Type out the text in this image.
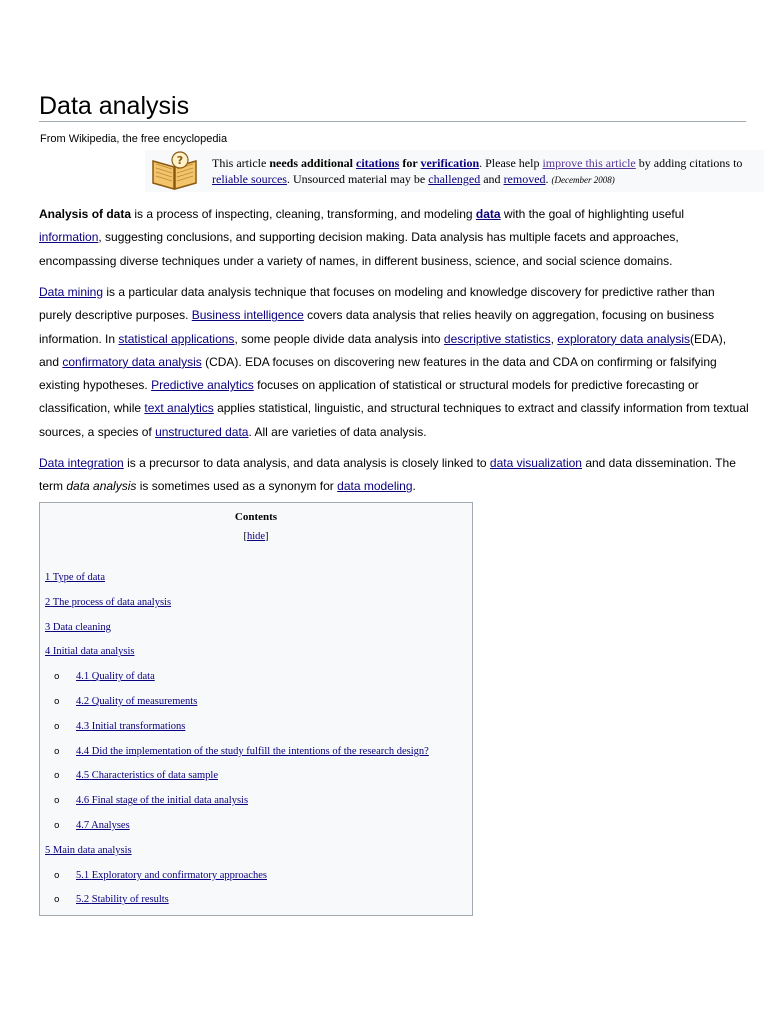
Data analysis
From Wikipedia, the free encyclopedia
? This article needs additional citations for verification. Please help improve this article by adding citations to reliable sources. Unsourced material may be challenged and removed. (December 2008)

Analysis of data is a process of inspecting, cleaning, transforming, and modeling data with the goal of highlighting useful information, suggesting conclusions, and supporting decision making. Data analysis has multiple facets and approaches, encompassing diverse techniques under a variety of names, in different business, science, and social science domains.

Data mining is a particular data analysis technique that focuses on modeling and knowledge discovery for predictive rather than purely descriptive purposes. Business intelligence covers data analysis that relies heavily on aggregation, focusing on business information. In statistical applications, some people divide data analysis into descriptive statistics, exploratory data analysis(EDA), and confirmatory data analysis (CDA). EDA focuses on discovering new features in the data and CDA on confirming or falsifying existing hypotheses. Predictive analytics focuses on application of statistical or structural models for predictive forecasting or classification, while text analytics applies statistical, linguistic, and structural techniques to extract and classify information from textual sources, a species of unstructured data. All are varieties of data analysis.

Data integration is a precursor to data analysis, and data analysis is closely linked to data visualization and data dissemination. The term data analysis is sometimes used as a synonym for data modeling.

Contents
[hide]
1 Type of data
2 The process of data analysis
3 Data cleaning
4 Initial data analysis
o 4.1 Quality of data
o 4.2 Quality of measurements
o 4.3 Initial transformations
o 4.4 Did the implementation of the study fulfill the intentions of the research design?
o 4.5 Characteristics of data sample
o 4.6 Final stage of the initial data analysis
o 4.7 Analyses
5 Main data analysis
o 5.1 Exploratory and confirmatory approaches
o 5.2 Stability of results
